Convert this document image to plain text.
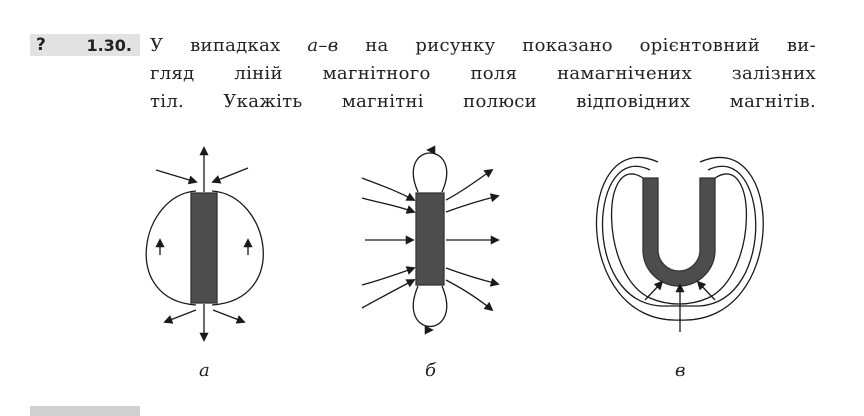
?	1.30. У випадках а–в на рисунку показано орієнтовний ви-
гляд ліній магнітного поля намагнічених залізних
тіл. Укажіть магнітні полюси відповідних магнітів.
а	б	в
